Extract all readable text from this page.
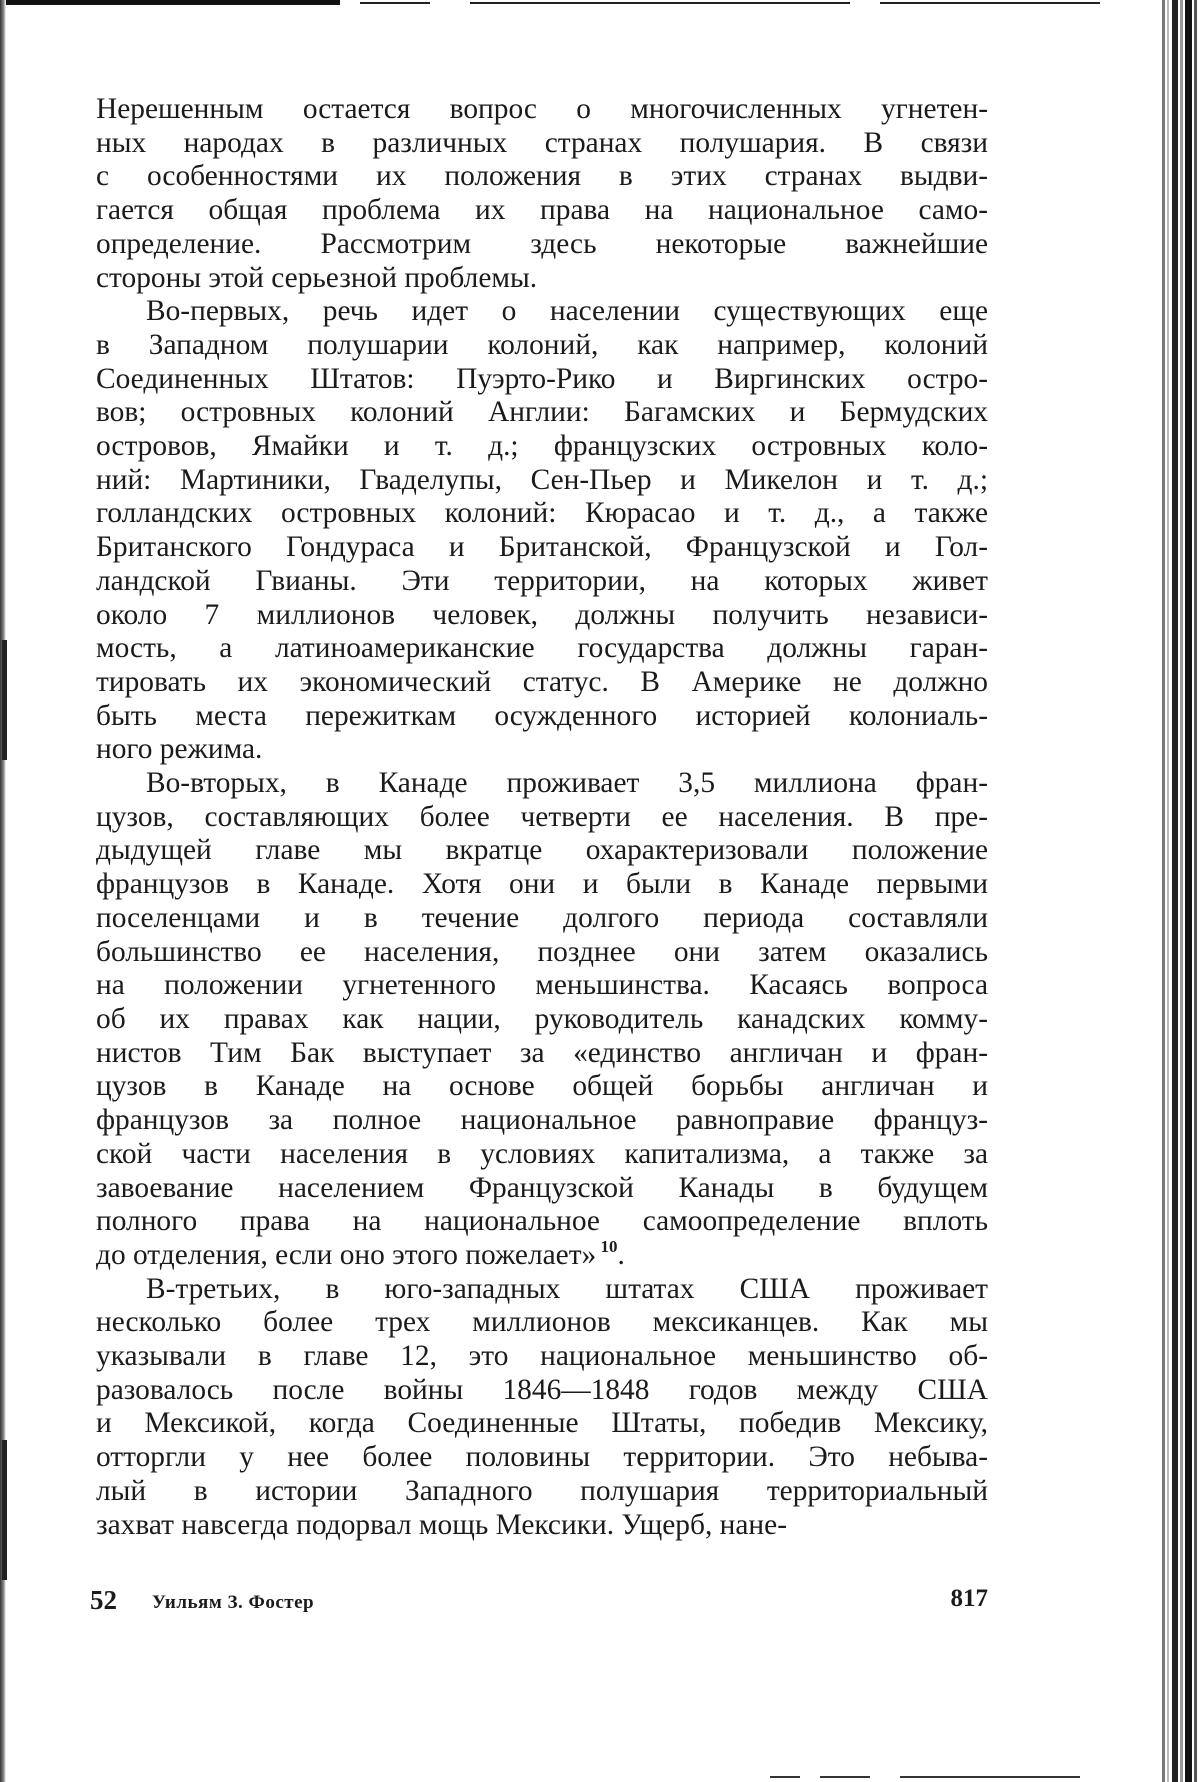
Нерешенным остается вопрос о многочисленных угнетен-
ных народах в различных странах полушария. В связи
с особенностями их положения в этих странах выдви-
гается общая проблема их права на национальное само-
определение. Рассмотрим здесь некоторые важнейшие
стороны этой серьезной проблемы.
Во-первых, речь идет о населении существующих еще
в Западном полушарии колоний, как например, колоний
Соединенных Штатов: Пуэрто-Рико и Виргинских остро-
вов; островных колоний Англии: Багамских и Бермудских
островов, Ямайки и т. д.; французских островных коло-
ний: Мартиники, Гваделупы, Сен-Пьер и Микелон и т. д.;
голландских островных колоний: Кюрасао и т. д., а также
Британского Гондураса и Британской, Французской и Гол-
ландской Гвианы. Эти территории, на которых живет
около 7 миллионов человек, должны получить независи-
мость, а латиноамериканские государства должны гаран-
тировать их экономический статус. В Америке не должно
быть места пережиткам осужденного историей колониаль-
ного режима.
Во-вторых, в Канаде проживает 3,5 миллиона фран-
цузов, составляющих более четверти ее населения. В пре-
дыдущей главе мы вкратце охарактеризовали положение
французов в Канаде. Хотя они и были в Канаде первыми
поселенцами и в течение долгого периода составляли
большинство ее населения, позднее они затем оказались
на положении угнетенного меньшинства. Касаясь вопроса
об их правах как нации, руководитель канадских комму-
нистов Тим Бак выступает за «единство англичан и фран-
цузов в Канаде на основе общей борьбы англичан и
французов за полное национальное равноправие француз-
ской части населения в условиях капитализма, а также за
завоевание населением Французской Канады в будущем
полного права на национальное самоопределение вплоть
до отделения, если оно этого пожелает» $^{10}$.
В-третьих, в юго-западных штатах США проживает
несколько более трех миллионов мексиканцев. Как мы
указывали в главе 12, это национальное меньшинство об-
разовалось после войны 1846—1848 годов между США
и Мексикой, когда Соединенные Штаты, победив Мексику,
отторгли у нее более половины территории. Это небыва-
лый в истории Западного полушария территориальный
захват навсегда подорвал мощь Мексики. Ущерб, нане-
52 Уильям З. Фостер	817
